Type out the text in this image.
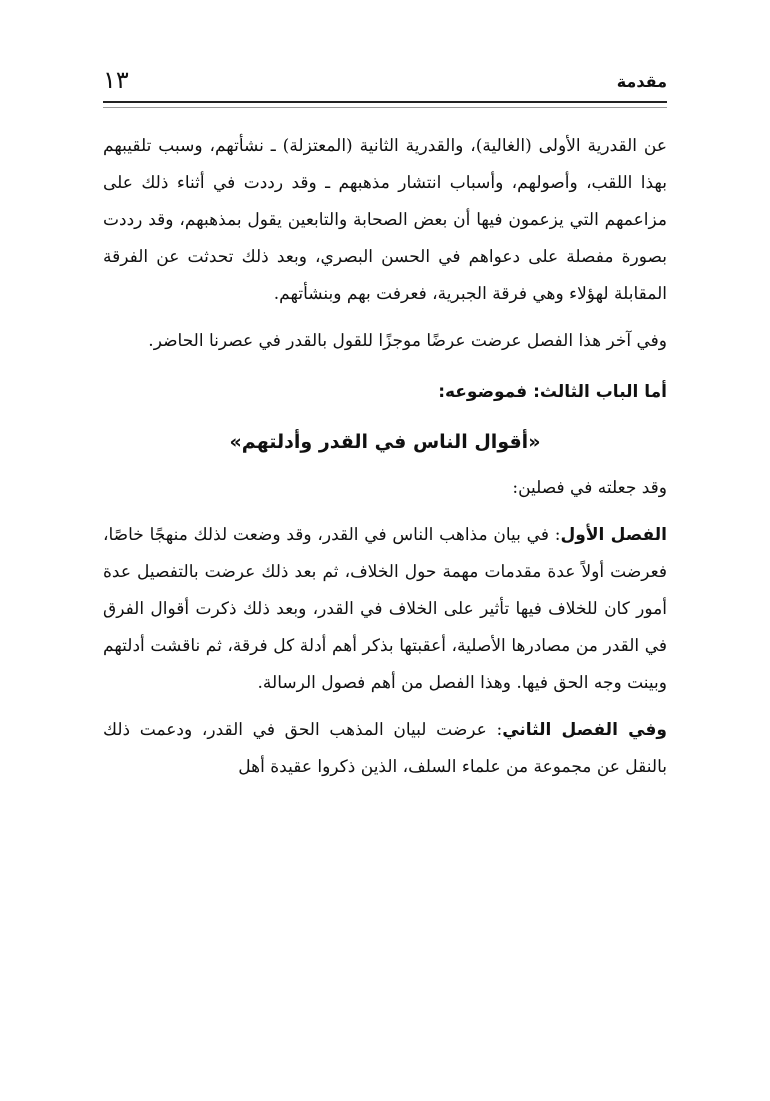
مقدمة
١٣

عن القدرية الأولى (الغالية)، والقدرية الثانية (المعتزلة) ـ نشأتهم، وسبب تلقيبهم بهذا اللقب، وأصولهم، وأسباب انتشار مذهبهم ـ وقد رددت في أثناء ذلك على مزاعمهم التي يزعمون فيها أن بعض الصحابة والتابعين يقول بمذهبهم، وقد رددت بصورة مفصلة على دعواهم في الحسن البصري، وبعد ذلك تحدثت عن الفرقة المقابلة لهؤلاء وهي فرقة الجبرية، فعرفت بهم وبنشأتهم.

وفي آخر هذا الفصل عرضت عرضًا موجزًا للقول بالقدر في عصرنا الحاضر.

أما الباب الثالث: فموضوعه:

«أقوال الناس في القدر وأدلتهم»

وقد جعلته في فصلين:

الفصل الأول: في بيان مذاهب الناس في القدر، وقد وضعت لذلك منهجًا خاصًا، فعرضت أولاً عدة مقدمات مهمة حول الخلاف، ثم بعد ذلك عرضت بالتفصيل عدة أمور كان للخلاف فيها تأثير على الخلاف في القدر، وبعد ذلك ذكرت أقوال الفرق في القدر من مصادرها الأصلية، أعقبتها بذكر أهم أدلة كل فرقة، ثم ناقشت أدلتهم وبينت وجه الحق فيها. وهذا الفصل من أهم فصول الرسالة.

وفي الفصل الثاني: عرضت لبيان المذهب الحق في القدر، ودعمت ذلك بالنقل عن مجموعة من علماء السلف، الذين ذكروا عقيدة أهل
